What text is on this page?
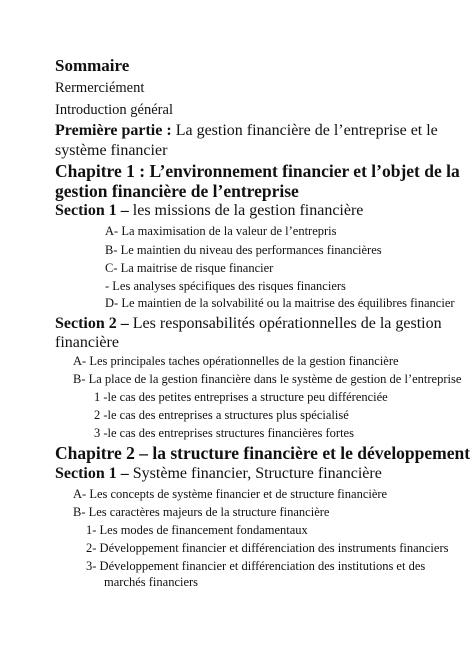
Sommaire
Rermerciément
Introduction général
Première partie : La gestion financière de l’entreprise et le
système financier
Chapitre 1 : L’environnement financier et l’objet de la
gestion financière de l’entreprise
Section 1 – les missions de la gestion financière
A- La maximisation de la valeur de l’entrepris
B- Le maintien du niveau des performances financières
C- La maitrise de risque financier
- Les analyses spécifiques des risques financiers
D- Le maintien de la solvabilité ou la maitrise des équilibres financier
Section 2 – Les responsabilités opérationnelles de la gestion
financière
A- Les principales taches opérationnelles de la gestion financière
B- La place de la gestion financière dans le système de gestion de l’entreprise
1 -le cas des petites entreprises a structure peu différenciée
2 -le cas des entreprises a structures plus spécialisé
3 -le cas des entreprises structures financières fortes
Chapitre 2 – la structure financière et le développement
Section 1 – Système financier, Structure financière
A- Les concepts de système financier et de structure financière
B- Les caractères majeurs de la structure financière
1- Les modes de financement fondamentaux
2- Développement financier et différenciation des instruments financiers
3- Développement financier et différenciation des institutions et des
marchés financiers
